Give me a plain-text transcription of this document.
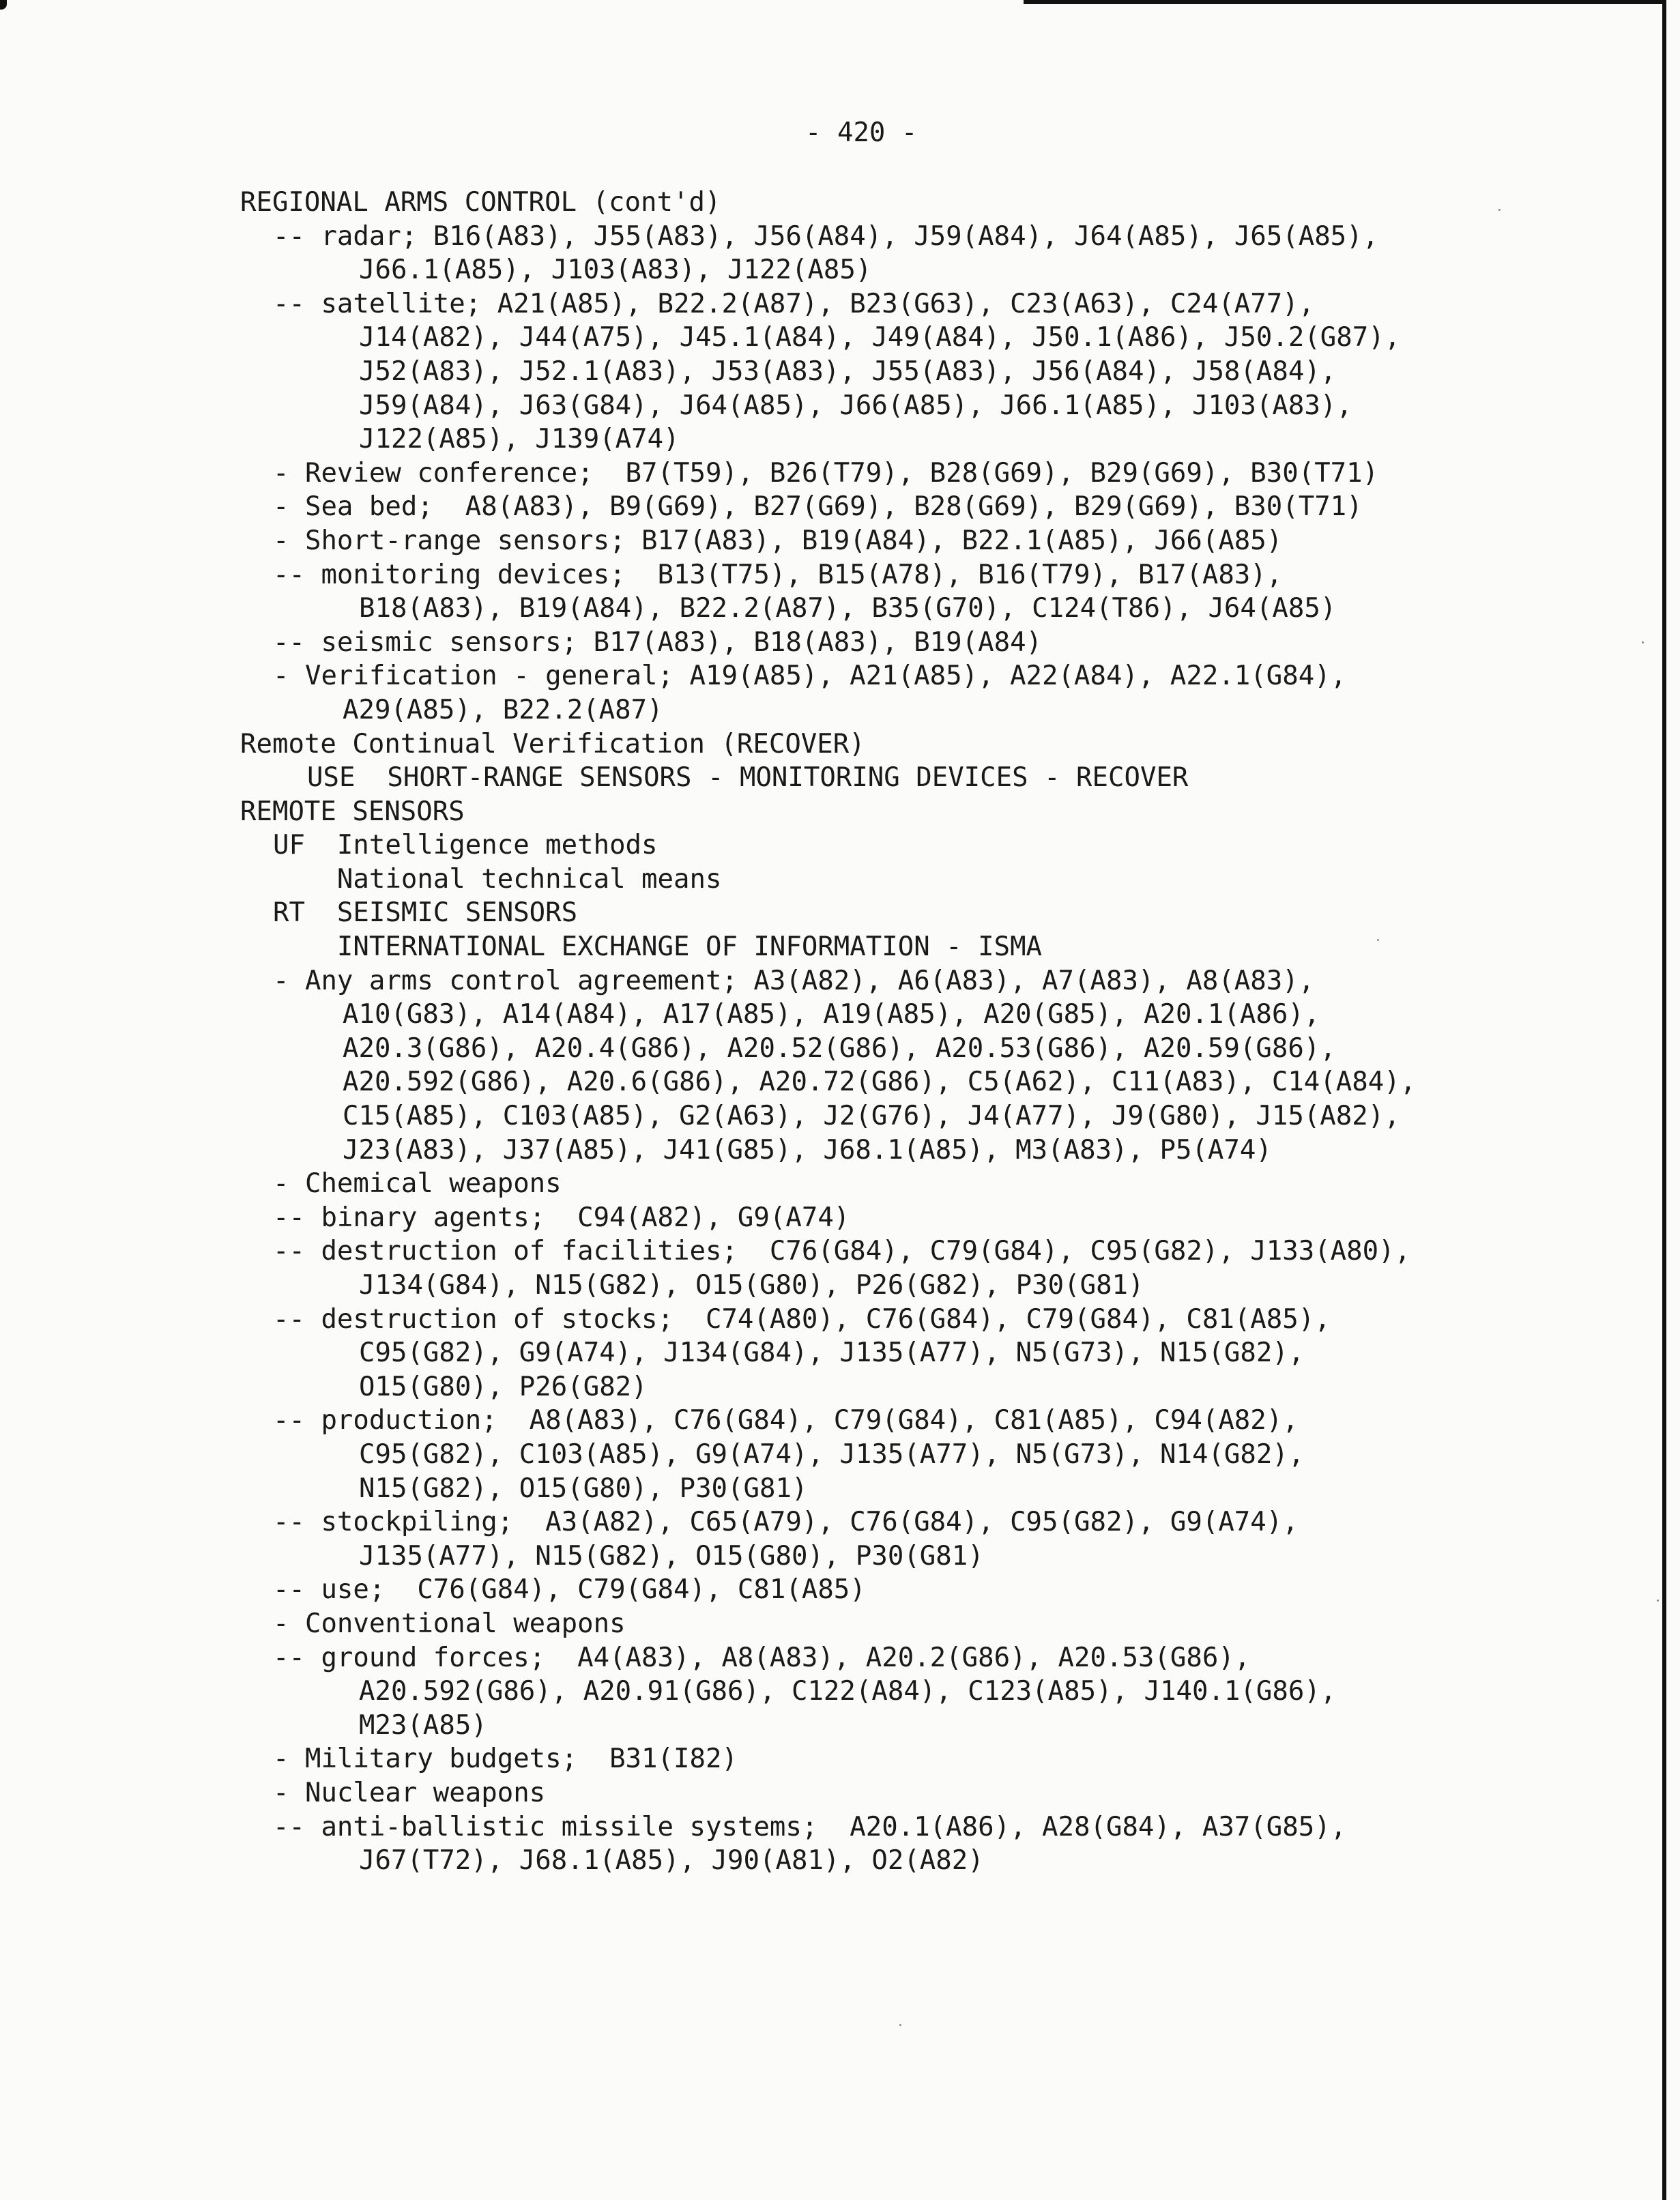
- 420 -
REGIONAL ARMS CONTROL (cont'd)
-- radar; B16(A83), J55(A83), J56(A84), J59(A84), J64(A85), J65(A85),
J66.1(A85), J103(A83), J122(A85)
-- satellite; A21(A85), B22.2(A87), B23(G63), C23(A63), C24(A77),
J14(A82), J44(A75), J45.1(A84), J49(A84), J50.1(A86), J50.2(G87),
J52(A83), J52.1(A83), J53(A83), J55(A83), J56(A84), J58(A84),
J59(A84), J63(G84), J64(A85), J66(A85), J66.1(A85), J103(A83),
J122(A85), J139(A74)
- Review conference;  B7(T59), B26(T79), B28(G69), B29(G69), B30(T71)
- Sea bed;  A8(A83), B9(G69), B27(G69), B28(G69), B29(G69), B30(T71)
- Short-range sensors; B17(A83), B19(A84), B22.1(A85), J66(A85)
-- monitoring devices;  B13(T75), B15(A78), B16(T79), B17(A83),
B18(A83), B19(A84), B22.2(A87), B35(G70), C124(T86), J64(A85)
-- seismic sensors; B17(A83), B18(A83), B19(A84)
- Verification - general; A19(A85), A21(A85), A22(A84), A22.1(G84),
A29(A85), B22.2(A87)
Remote Continual Verification (RECOVER)
USE  SHORT-RANGE SENSORS - MONITORING DEVICES - RECOVER
REMOTE SENSORS
UF  Intelligence methods
National technical means
RT  SEISMIC SENSORS
INTERNATIONAL EXCHANGE OF INFORMATION - ISMA
- Any arms control agreement; A3(A82), A6(A83), A7(A83), A8(A83),
A10(G83), A14(A84), A17(A85), A19(A85), A20(G85), A20.1(A86),
A20.3(G86), A20.4(G86), A20.52(G86), A20.53(G86), A20.59(G86),
A20.592(G86), A20.6(G86), A20.72(G86), C5(A62), C11(A83), C14(A84),
C15(A85), C103(A85), G2(A63), J2(G76), J4(A77), J9(G80), J15(A82),
J23(A83), J37(A85), J41(G85), J68.1(A85), M3(A83), P5(A74)
- Chemical weapons
-- binary agents;  C94(A82), G9(A74)
-- destruction of facilities;  C76(G84), C79(G84), C95(G82), J133(A80),
J134(G84), N15(G82), O15(G80), P26(G82), P30(G81)
-- destruction of stocks;  C74(A80), C76(G84), C79(G84), C81(A85),
C95(G82), G9(A74), J134(G84), J135(A77), N5(G73), N15(G82),
O15(G80), P26(G82)
-- production;  A8(A83), C76(G84), C79(G84), C81(A85), C94(A82),
C95(G82), C103(A85), G9(A74), J135(A77), N5(G73), N14(G82),
N15(G82), O15(G80), P30(G81)
-- stockpiling;  A3(A82), C65(A79), C76(G84), C95(G82), G9(A74),
J135(A77), N15(G82), O15(G80), P30(G81)
-- use;  C76(G84), C79(G84), C81(A85)
- Conventional weapons
-- ground forces;  A4(A83), A8(A83), A20.2(G86), A20.53(G86),
A20.592(G86), A20.91(G86), C122(A84), C123(A85), J140.1(G86),
M23(A85)
- Military budgets;  B31(I82)
- Nuclear weapons
-- anti-ballistic missile systems;  A20.1(A86), A28(G84), A37(G85),
J67(T72), J68.1(A85), J90(A81), O2(A82)
